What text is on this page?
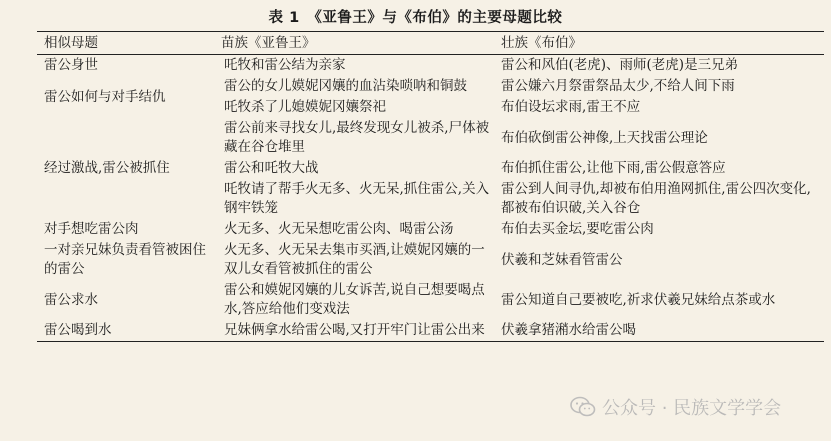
表 1　《亚鲁王》与《布伯》的主要母题比较
相似母题	苗族《亚鲁王》	壮族《布伯》
雷公身世	吒牧和雷公结为亲家	雷公和风伯(老虎)、雨师(老虎)是三兄弟
雷公如何与对手结仇	雷公的女儿嫫妮冈孃的血沾染唢呐和铜鼓	雷公嫌六月祭雷祭品太少,不给人间下雨
	吒牧杀了儿媳嫫妮冈孃祭祀	布伯设坛求雨,雷王不应
经过激战,雷公被抓住	雷公前来寻找女儿,最终发现女儿被杀,尸体被藏在谷仓堆里	布伯砍倒雷公神像,上天找雷公理论
	雷公和吒牧大战	布伯抓住雷公,让他下雨,雷公假意答应
	吒牧请了帮手火无多、火无呆,抓住雷公,关入钢牢铁笼	雷公到人间寻仇,却被布伯用渔网抓住,雷公四次变化,都被布伯识破,关入谷仓
对手想吃雷公肉	火无多、火无呆想吃雷公肉、喝雷公汤	布伯去买金坛,要吃雷公肉
一对亲兄妹负责看管被困住的雷公	火无多、火无呆去集市买酒,让嫫妮冈孃的一双儿女看管被抓住的雷公	伏羲和芝妹看管雷公
雷公求水	雷公和嫫妮冈孃的儿女诉苦,说自己想要喝点水,答应给他们变戏法	雷公知道自己要被吃,祈求伏羲兄妹给点茶或水
雷公喝到水	兄妹俩拿水给雷公喝,又打开牢门让雷公出来	伏羲拿猪潲水给雷公喝
公众号 · 民族文学学会
